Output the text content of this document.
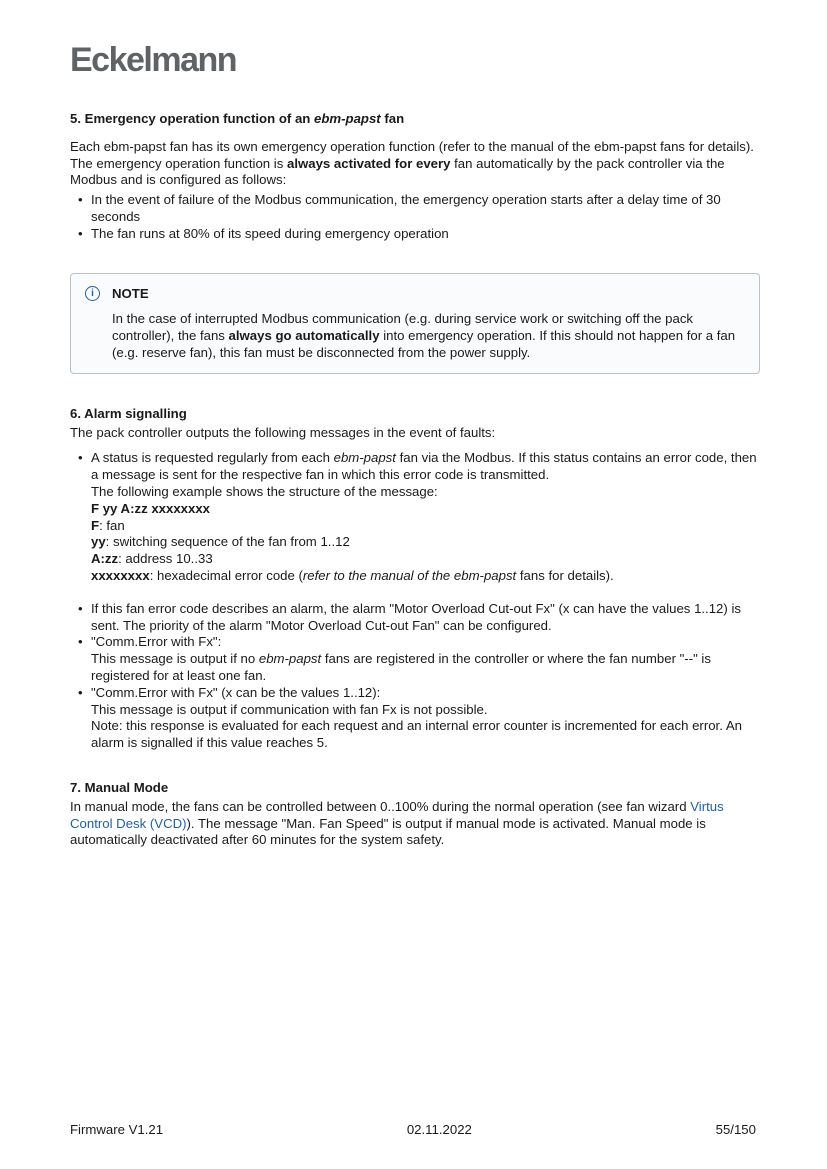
Eckelmann
5. Emergency operation function of an ebm-papst fan

Each ebm-papst fan has its own emergency operation function (refer to the manual of the ebm-papst fans for details). The emergency operation function is always activated for every fan automatically by the pack controller via the Modbus and is configured as follows:

• In the event of failure of the Modbus communication, the emergency operation starts after a delay time of 30 seconds
• The fan runs at 80% of its speed during emergency operation
i	NOTE
In the case of interrupted Modbus communication (e.g. during service work or switching off the pack controller), the fans always go automatically into emergency operation. If this should not happen for a fan (e.g. reserve fan), this fan must be disconnected from the power supply.
6. Alarm signalling

The pack controller outputs the following messages in the event of faults:

• A status is requested regularly from each ebm-papst fan via the Modbus. If this status contains an error code, then a message is sent for the respective fan in which this error code is transmitted.
The following example shows the structure of the message:
F yy A:zz xxxxxxxx
F: fan
yy: switching sequence of the fan from 1..12
A:zz: address 10..33
xxxxxxxx: hexadecimal error code (refer to the manual of the ebm-papst fans for details).
• If this fan error code describes an alarm, the alarm "Motor Overload Cut-out Fx" (x can have the values 1..12) is sent. The priority of the alarm "Motor Overload Cut-out Fan" can be configured.
• "Comm.Error with Fx":
This message is output if no ebm-papst fans are registered in the controller or where the fan number "--" is registered for at least one fan.
• "Comm.Error with Fx" (x can be the values 1..12):
This message is output if communication with fan Fx is not possible.
Note: this response is evaluated for each request and an internal error counter is incremented for each error. An alarm is signalled if this value reaches 5.
7. Manual Mode

In manual mode, the fans can be controlled between 0..100% during the normal operation (see fan wizard Virtus Control Desk (VCD)). The message "Man. Fan Speed" is output if manual mode is activated. Manual mode is automatically deactivated after 60 minutes for the system safety.

Firmware V1.21	02.11.2022	55/150
